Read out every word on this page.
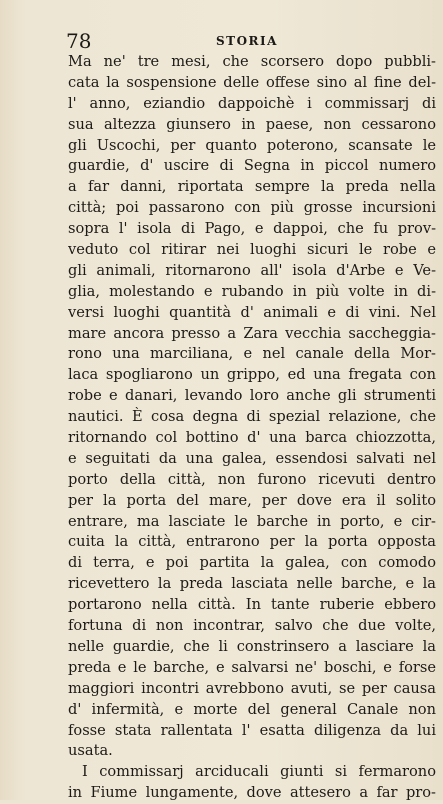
78	STORIA
Ma ne' tre mesi, che scorsero dopo pubbli-
cata la sospensione delle offese sino al fine del-
l' anno, eziandio dappoichè i commissarj di
sua altezza giunsero in paese, non cessarono
gli Uscochi, per quanto poterono, scansate le
guardie, d' uscire di Segna in piccol numero
a far danni, riportata sempre la preda nella
città; poi passarono con più grosse incursioni
sopra l' isola di Pago, e dappoi, che fu prov-
veduto col ritirar nei luoghi sicuri le robe e
gli animali, ritornarono all' isola d'Arbe e Ve-
glia, molestando e rubando in più volte in di-
versi luoghi quantità d' animali e di vini. Nel
mare ancora presso a Zara vecchia saccheggia-
rono una marciliana, e nel canale della Mor-
laca spogliarono un grippo, ed una fregata con
robe e danari, levando loro anche gli strumenti
nautici. È cosa degna di spezial relazione, che
ritornando col bottino d' una barca chiozzotta,
e seguitati da una galea, essendosi salvati nel
porto della città, non furono ricevuti dentro
per la porta del mare, per dove era il solito
entrare, ma lasciate le barche in porto, e cir-
cuita la città, entrarono per la porta opposta
di terra, e poi partita la galea, con comodo
ricevettero la preda lasciata nelle barche, e la
portarono nella città. In tante ruberie ebbero
fortuna di non incontrar, salvo che due volte,
nelle guardie, che li constrinsero a lasciare la
preda e le barche, e salvarsi ne' boschi, e forse
maggiori incontri avrebbono avuti, se per causa
d' infermità, e morte del general Canale non
fosse stata rallentata l' esatta diligenza da lui
usata.
I commissarj arciducali giunti si fermarono
in Fiume lungamente, dove attesero a far pro-
